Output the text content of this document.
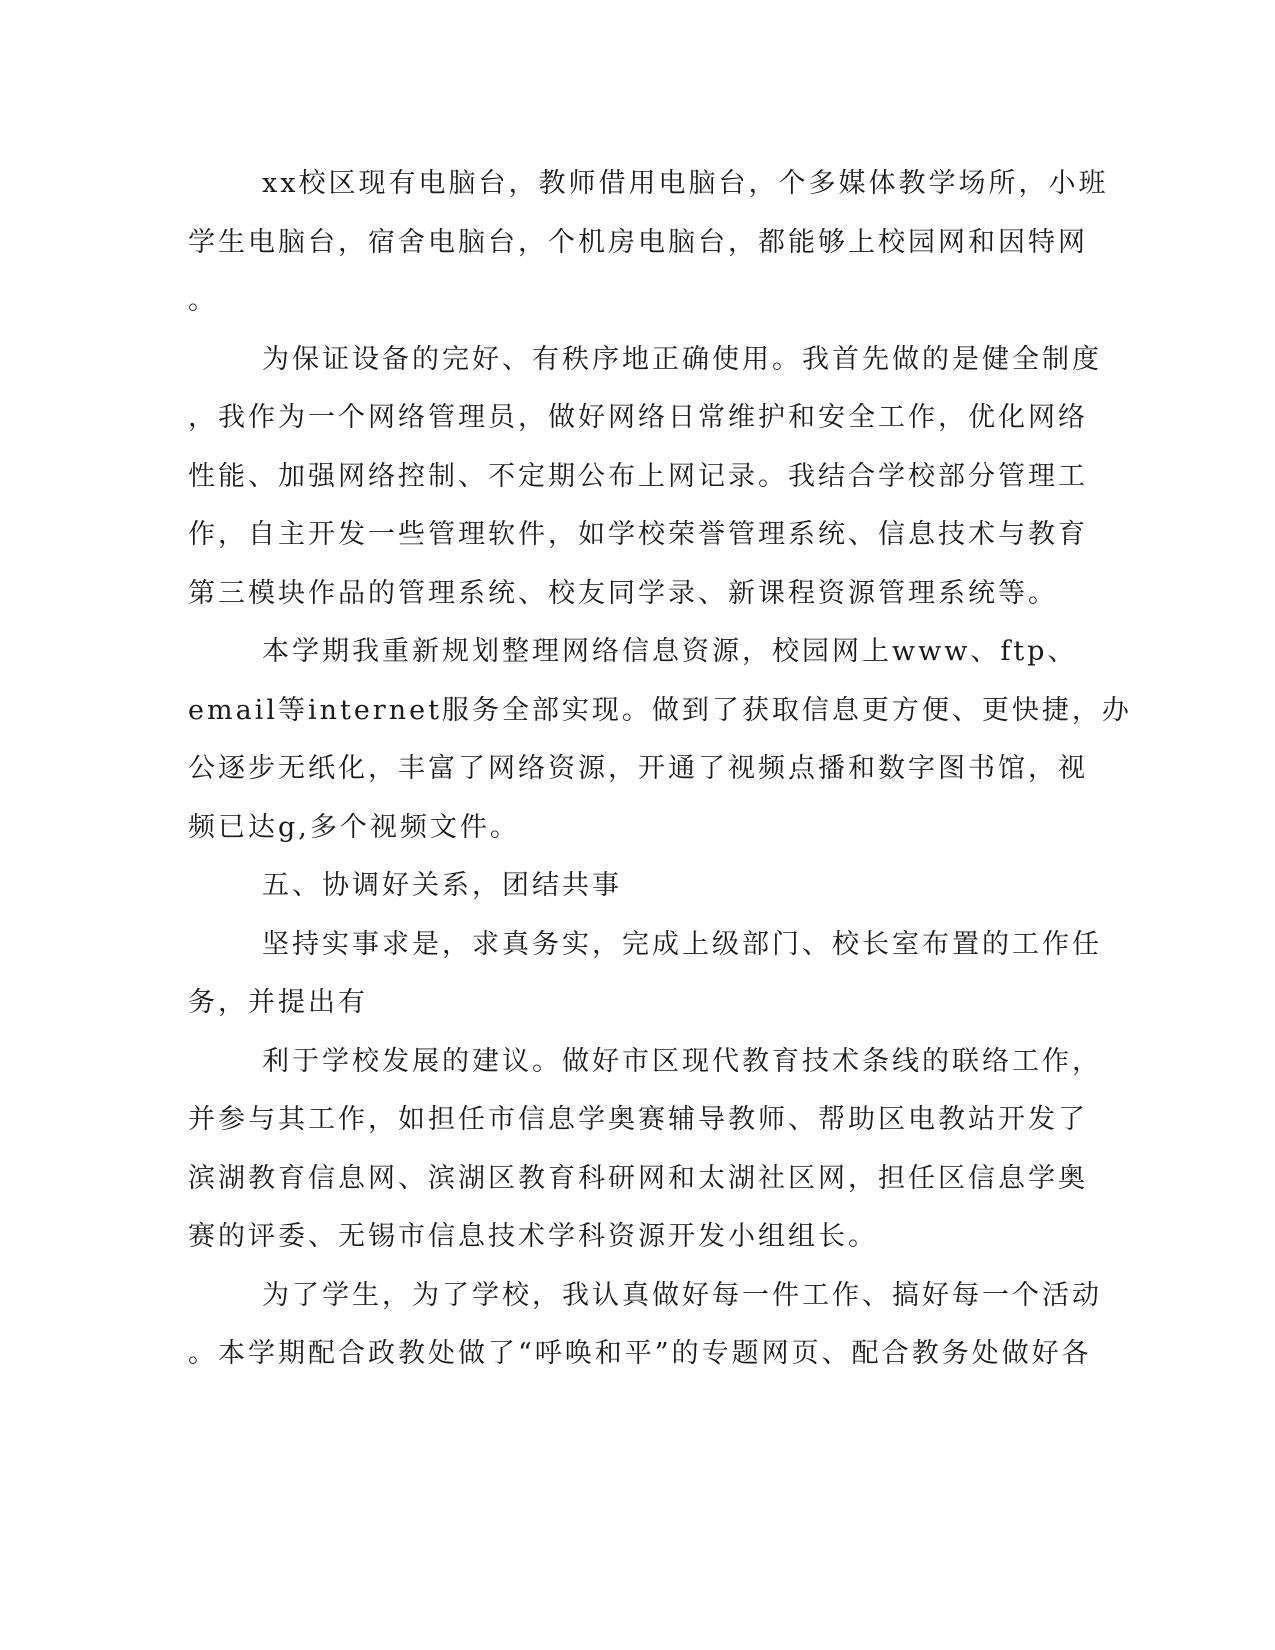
xx校区现有电脑台，教师借用电脑台，个多媒体教学场所，小班
学生电脑台，宿舍电脑台，个机房电脑台，都能够上校园网和因特网
。
为保证设备的完好、有秩序地正确使用。我首先做的是健全制度
，我作为一个网络管理员，做好网络日常维护和安全工作，优化网络
性能、加强网络控制、不定期公布上网记录。我结合学校部分管理工
作，自主开发一些管理软件，如学校荣誉管理系统、信息技术与教育
第三模块作品的管理系统、校友同学录、新课程资源管理系统等。
本学期我重新规划整理网络信息资源，校园网上www、ftp、
email等internet服务全部实现。做到了获取信息更方便、更快捷，办
公逐步无纸化，丰富了网络资源，开通了视频点播和数字图书馆，视
频已达g,多个视频文件。
五、协调好关系，团结共事
坚持实事求是，求真务实，完成上级部门、校长室布置的工作任
务，并提出有
利于学校发展的建议。做好市区现代教育技术条线的联络工作，
并参与其工作，如担任市信息学奥赛辅导教师、帮助区电教站开发了
滨湖教育信息网、滨湖区教育科研网和太湖社区网，担任区信息学奥
赛的评委、无锡市信息技术学科资源开发小组组长。
为了学生，为了学校，我认真做好每一件工作、搞好每一个活动
。本学期配合政教处做了“呼唤和平”的专题网页、配合教务处做好各
